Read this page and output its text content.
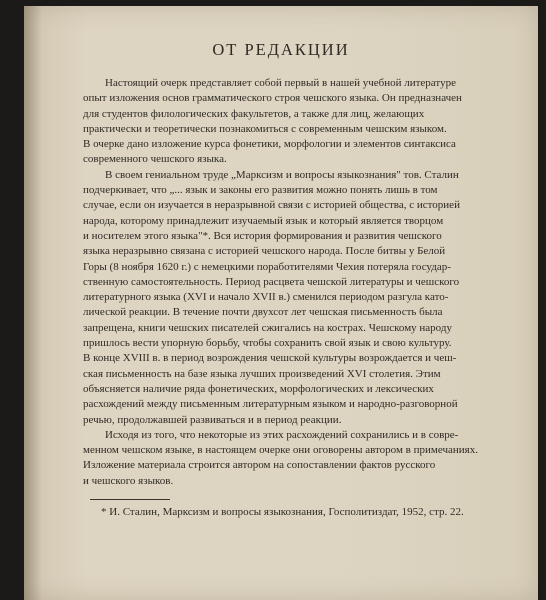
ОТ РЕДАКЦИИ

Настоящий очерк представляет собой первый в нашей учебной литературе
опыт изложения основ грамматического строя чешского языка. Он предназначен
для студентов филологических факультетов, а также для лиц, желающих
практически и теоретически познакомиться с современным чешским языком.
В очерке дано изложение курса фонетики, морфологии и элементов синтаксиса
современного чешского языка.

В своем гениальном труде „Марксизм и вопросы языкознания" тов. Сталин
подчеркивает, что „... язык и законы его развития можно понять лишь в том
случае, если он изучается в неразрывной связи с историей общества, с историей
народа, которому принадлежит изучаемый язык и который является творцом
и носителем этого языка"*. Вся история формирования и развития чешского
языка неразрывно связана с историей чешского народа. После битвы у Белой
Горы (8 ноября 1620 г.) с немецкими поработителями Чехия потеряла государ-
ственную самостоятельность. Период расцвета чешской литературы и чешского
литературного языка (XVI и начало XVII в.) сменился периодом разгула като-
лической реакции. В течение почти двухсот лет чешская письменность была
запрещена, книги чешских писателей сжигались на кострах. Чешскому народу
пришлось вести упорную борьбу, чтобы сохранить свой язык и свою культуру.
В конце XVIII в. в период возрождения чешской культуры возрождается и чеш-
ская письменность на базе языка лучших произведений XVI столетия. Этим
объясняется наличие ряда фонетических, морфологических и лексических
расхождений между письменным литературным языком и народно-разговорной
речью, продолжавшей развиваться и в период реакции.

Исходя из того, что некоторые из этих расхождений сохранились и в совре-
менном чешском языке, в настоящем очерке они оговорены автором в примечаниях.
Изложение материала строится автором на сопоставлении фактов русского
и чешского языков.

* И. Сталин, Марксизм и вопросы языкознания, Госполитиздат, 1952, стр. 22.
